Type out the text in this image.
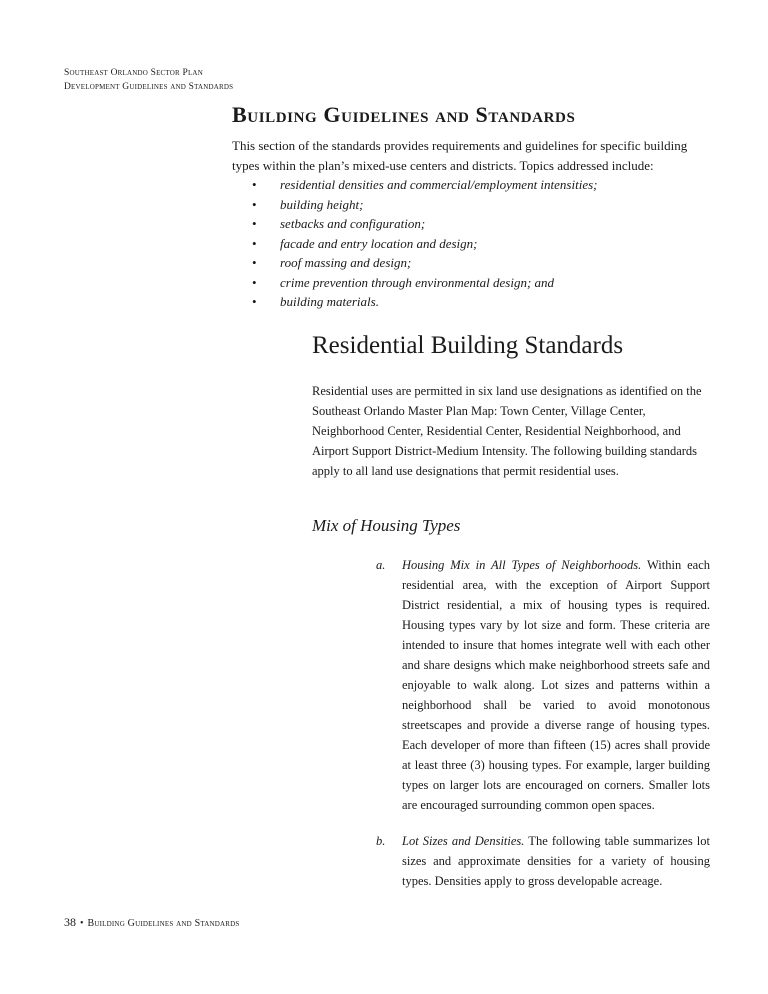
Southeast Orlando Sector Plan
Development Guidelines and Standards
Building Guidelines and Standards

This section of the standards provides requirements and guidelines for specific building types within the plan’s mixed-use centers and districts. Topics addressed include:

• residential densities and commercial/employment intensities;
• building height;
• setbacks and configuration;
• facade and entry location and design;
• roof massing and design;
• crime prevention through environmental design; and
• building materials.
Residential Building Standards

Residential uses are permitted in six land use designations as identified on the Southeast Orlando Master Plan Map: Town Center, Village Center, Neighborhood Center, Residential Center, Residential Neighborhood, and Airport Support District-Medium Intensity. The following building standards apply to all land use designations that permit residential uses.

Mix of Housing Types

a. Housing Mix in All Types of Neighborhoods. Within each residential area, with the exception of Airport Support District residential, a mix of housing types is required. Housing types vary by lot size and form. These criteria are intended to insure that homes integrate well with each other and share designs which make neighborhood streets safe and enjoyable to walk along. Lot sizes and patterns within a neighborhood shall be varied to avoid monotonous streetscapes and provide a diverse range of housing types. Each developer of more than fifteen (15) acres shall provide at least three (3) housing types. For example, larger building types on larger lots are encouraged on corners. Smaller lots are encouraged surrounding common open spaces.

b. Lot Sizes and Densities. The following table summarizes lot sizes and approximate densities for a variety of housing types. Densities apply to gross developable acreage.

38 • Building Guidelines and Standards
